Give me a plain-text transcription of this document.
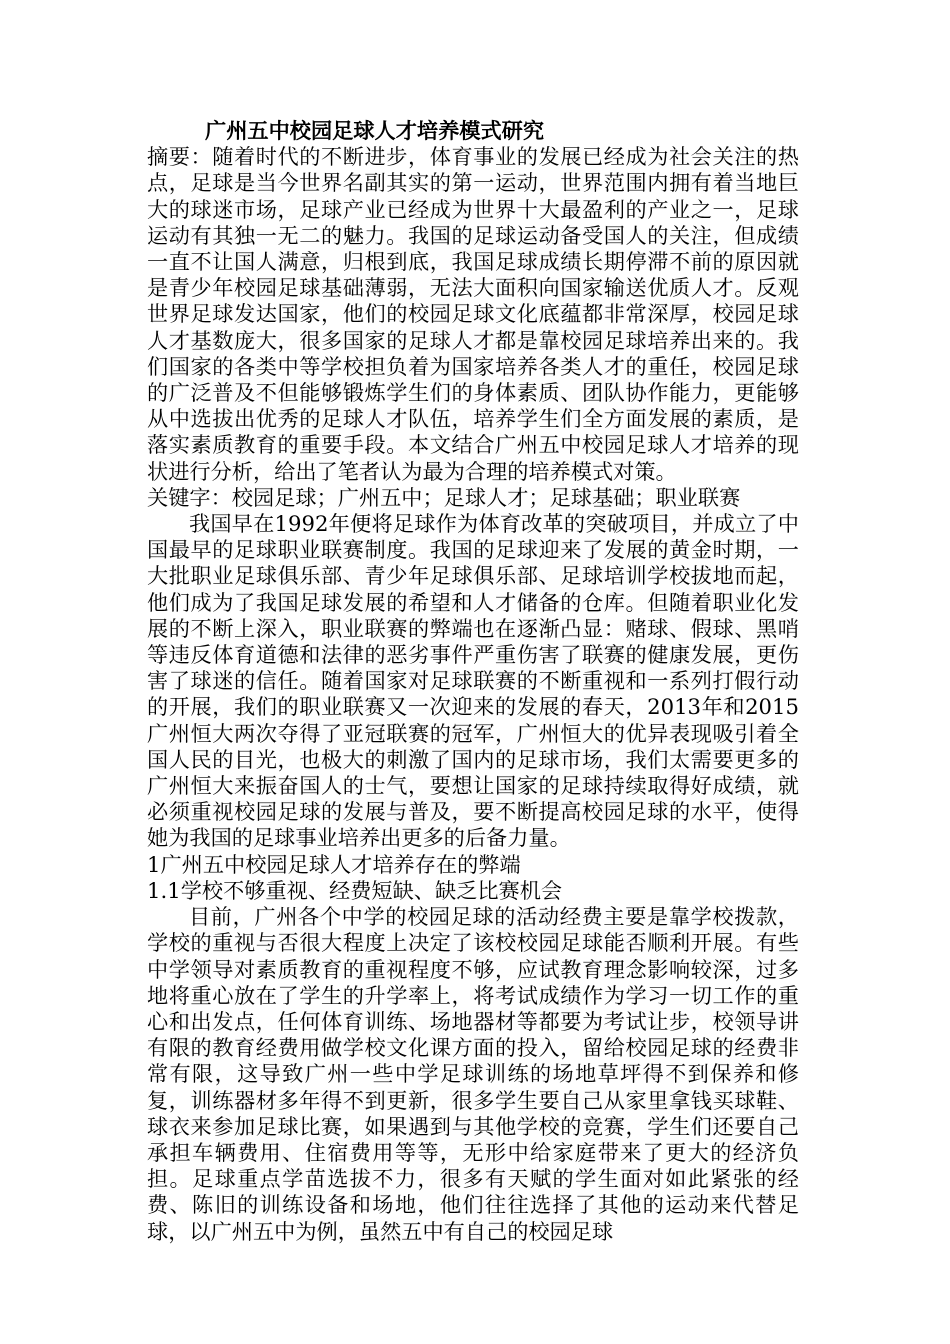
广州五中校园足球人才培养模式研究

摘要：随着时代的不断进步，体育事业的发展已经成为社会关注的热点，足球是当今世界名副其实的第一运动，世界范围内拥有着当地巨大的球迷市场，足球产业已经成为世界十大最盈利的产业之一，足球运动有其独一无二的魅力。我国的足球运动备受国人的关注，但成绩一直不让国人满意，归根到底，我国足球成绩长期停滞不前的原因就是青少年校园足球基础薄弱，无法大面积向国家输送优质人才。反观世界足球发达国家，他们的校园足球文化底蕴都非常深厚，校园足球人才基数庞大，很多国家的足球人才都是靠校园足球培养出来的。我们国家的各类中等学校担负着为国家培养各类人才的重任，校园足球的广泛普及不但能够锻炼学生们的身体素质、团队协作能力，更能够从中选拔出优秀的足球人才队伍，培养学生们全方面发展的素质，是落实素质教育的重要手段。本文结合广州五中校园足球人才培养的现状进行分析，给出了笔者认为最为合理的培养模式对策。

关键字：校园足球；广州五中；足球人才；足球基础；职业联赛

我国早在1992年便将足球作为体育改革的突破项目，并成立了中国最早的足球职业联赛制度。我国的足球迎来了发展的黄金时期，一大批职业足球俱乐部、青少年足球俱乐部、足球培训学校拔地而起，他们成为了我国足球发展的希望和人才储备的仓库。但随着职业化发展的不断上深入，职业联赛的弊端也在逐渐凸显：赌球、假球、黑哨等违反体育道德和法律的恶劣事件严重伤害了联赛的健康发展，更伤害了球迷的信任。随着国家对足球联赛的不断重视和一系列打假行动的开展，我们的职业联赛又一次迎来的发展的春天，2013年和2015广州恒大两次夺得了亚冠联赛的冠军，广州恒大的优异表现吸引着全国人民的目光，也极大的刺激了国内的足球市场，我们太需要更多的广州恒大来振奋国人的士气，要想让国家的足球持续取得好成绩，就必须重视校园足球的发展与普及，要不断提高校园足球的水平，使得她为我国的足球事业培养出更多的后备力量。

1广州五中校园足球人才培养存在的弊端

1.1学校不够重视、经费短缺、缺乏比赛机会

目前，广州各个中学的校园足球的活动经费主要是靠学校拨款，学校的重视与否很大程度上决定了该校校园足球能否顺利开展。有些中学领导对素质教育的重视程度不够，应试教育理念影响较深，过多地将重心放在了学生的升学率上，将考试成绩作为学习一切工作的重心和出发点，任何体育训练、场地器材等都要为考试让步，校领导讲有限的教育经费用做学校文化课方面的投入，留给校园足球的经费非常有限，这导致广州一些中学足球训练的场地草坪得不到保养和修复，训练器材多年得不到更新，很多学生要自己从家里拿钱买球鞋、球衣来参加足球比赛，如果遇到与其他学校的竞赛，学生们还要自己承担车辆费用、住宿费用等等，无形中给家庭带来了更大的经济负担。足球重点学苗选拔不力，很多有天赋的学生面对如此紧张的经费、陈旧的训练设备和场地，他们往往选择了其他的运动来代替足球，以广州五中为例，虽然五中有自己的校园足球
